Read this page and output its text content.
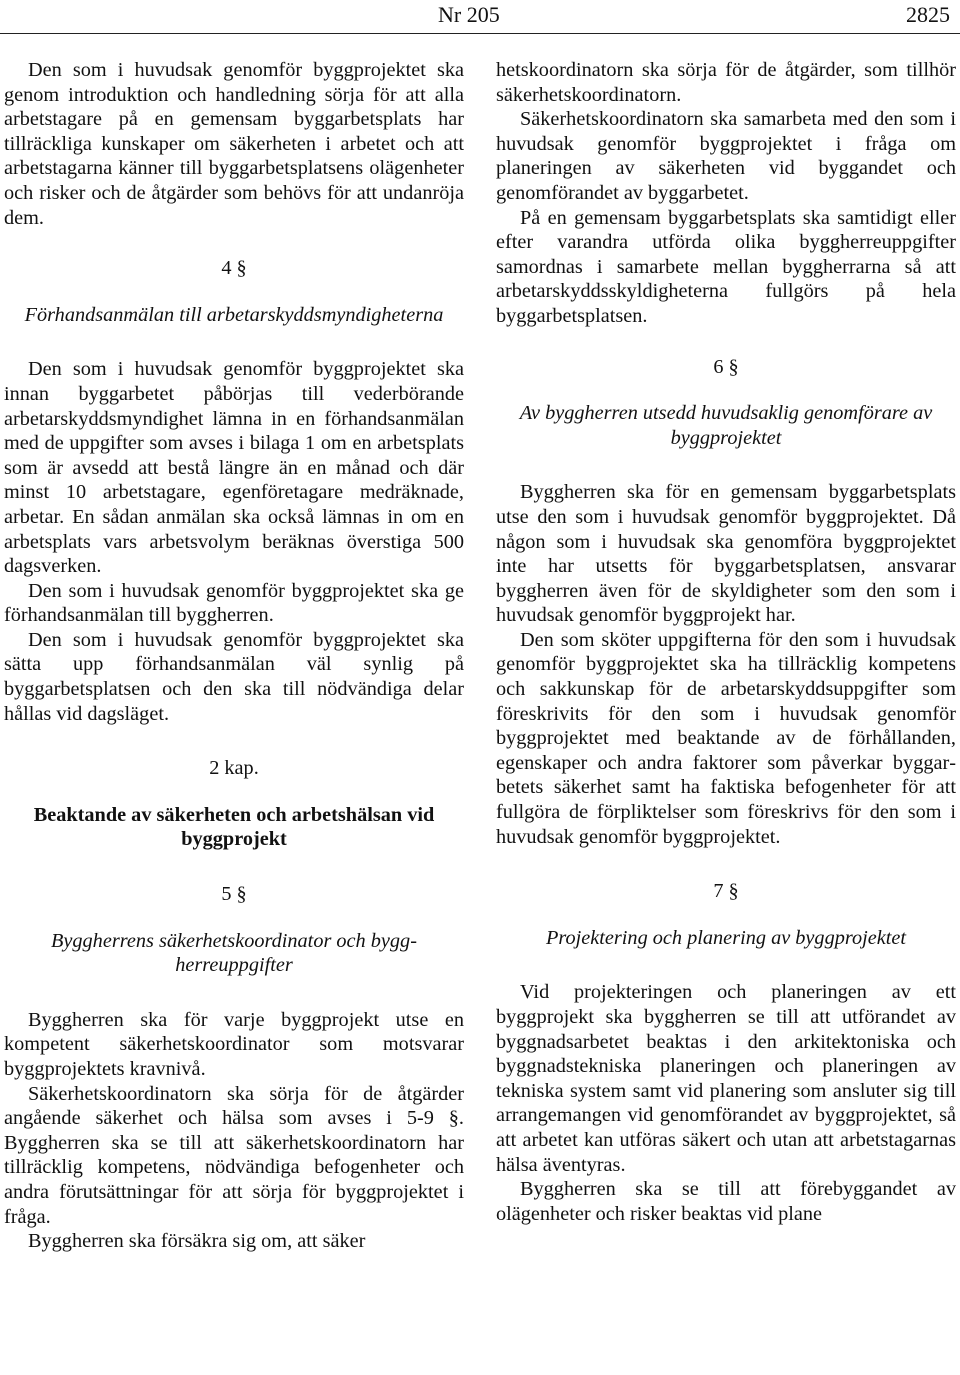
Nr 205	2825

Den som i huvudsak genomför byggprojektet ska genom introduktion och handledning sörja för att alla arbetstagare på en gemensam byggarbetsplats har tillräckliga kunskaper om säkerheten i arbetet och att arbetstagarna känner till byggarbetsplatsens olägenheter och risker och de åtgärder som behövs för att undanröja dem.

4 §
Förhandsanmälan till arbetarskyddsmyndigheterna

Den som i huvudsak genomför byggprojektet ska innan byggarbetet påbörjas till vederbörande arbetarskyddsmyndighet lämna in en förhandsanmälan med de uppgifter som avses i bilaga 1 om en arbetsplats som är avsedd att bestå längre än en månad och där minst 10 arbetstagare, egenföretagare medräknade, arbetar. En sådan anmälan ska också lämnas in om en arbetsplats vars arbetsvolym beräknas överstiga 500 dagsverken.

Den som i huvudsak genomför byggprojektet ska ge förhandsanmälan till byggherren.

Den som i huvudsak genomför byggprojektet ska sätta upp förhandsanmälan väl synlig på byggarbetsplatsen och den ska till nödvändiga delar hållas vid dagsläget.

2 kap.
Beaktande av säkerheten och arbetshälsan vid byggprojekt
5 §
Byggherrens säkerhetskoordinator och byggherreuppgifter

Byggherren ska för varje byggprojekt utse en kompetent säkerhetskoordinator som motsvarar byggprojektets kravnivå.

Säkerhetskoordinatorn ska sörja för de åtgärder angående säkerhet och hälsa som avses i 5-9 §. Byggherren ska se till att säkerhetskoordinatorn har tillräcklig kompetens, nödvändiga befogenheter och andra förutsättningar för att sörja för byggprojektet i fråga.

Byggherren ska försäkra sig om, att säker

hetskoordinatorn ska sörja för de åtgärder, som tillhör säkerhetskoordinatorn.

Säkerhetskoordinatorn ska samarbeta med den som i huvudsak genomför byggprojektet i fråga om planeringen av säkerheten vid byggandet och genomförandet av byggarbetet.

På en gemensam byggarbetsplats ska samtidigt eller efter varandra utförda olika byggherreuppgifter samordnas i samarbete mellan byggherrarna så att arbetarskyddsskyldigheterna fullgörs på hela byggarbetsplatsen.

6 §
Av byggherren utsedd huvudsaklig genomförare av byggprojektet

Byggherren ska för en gemensam byggarbetsplats utse den som i huvudsak genomför byggprojektet. Då någon som i huvudsak ska genomföra byggprojektet inte har utsetts för byggarbetsplatsen, ansvarar byggherren även för de skyldigheter som den som i huvudsak genomför byggprojekt har.

Den som sköter uppgifterna för den som i huvudsak genomför byggprojektet ska ha tillräcklig kompetens och sakkunskap för de arbetarskyddsuppgifter som föreskrivits för den som i huvudsak genomför byggprojektet med beaktande av de förhållanden, egenskaper och andra faktorer som påverkar byggarbetets säkerhet samt ha faktiska befogenheter för att fullgöra de förpliktelser som föreskrivs för den som i huvudsak genomför byggprojektet.

7 §
Projektering och planering av byggprojektet

Vid projekteringen och planeringen av ett byggprojekt ska byggherren se till att utförandet av byggnadsarbetet beaktas i den arkitektoniska och byggnadstekniska planeringen och planeringen av tekniska system samt vid planering som ansluter sig till arrangemangen vid genomförandet av byggprojektet, så att arbetet kan utföras säkert och utan att arbetstagarnas hälsa äventyras.

Byggherren ska se till att förebyggandet av olägenheter och risker beaktas vid plane
